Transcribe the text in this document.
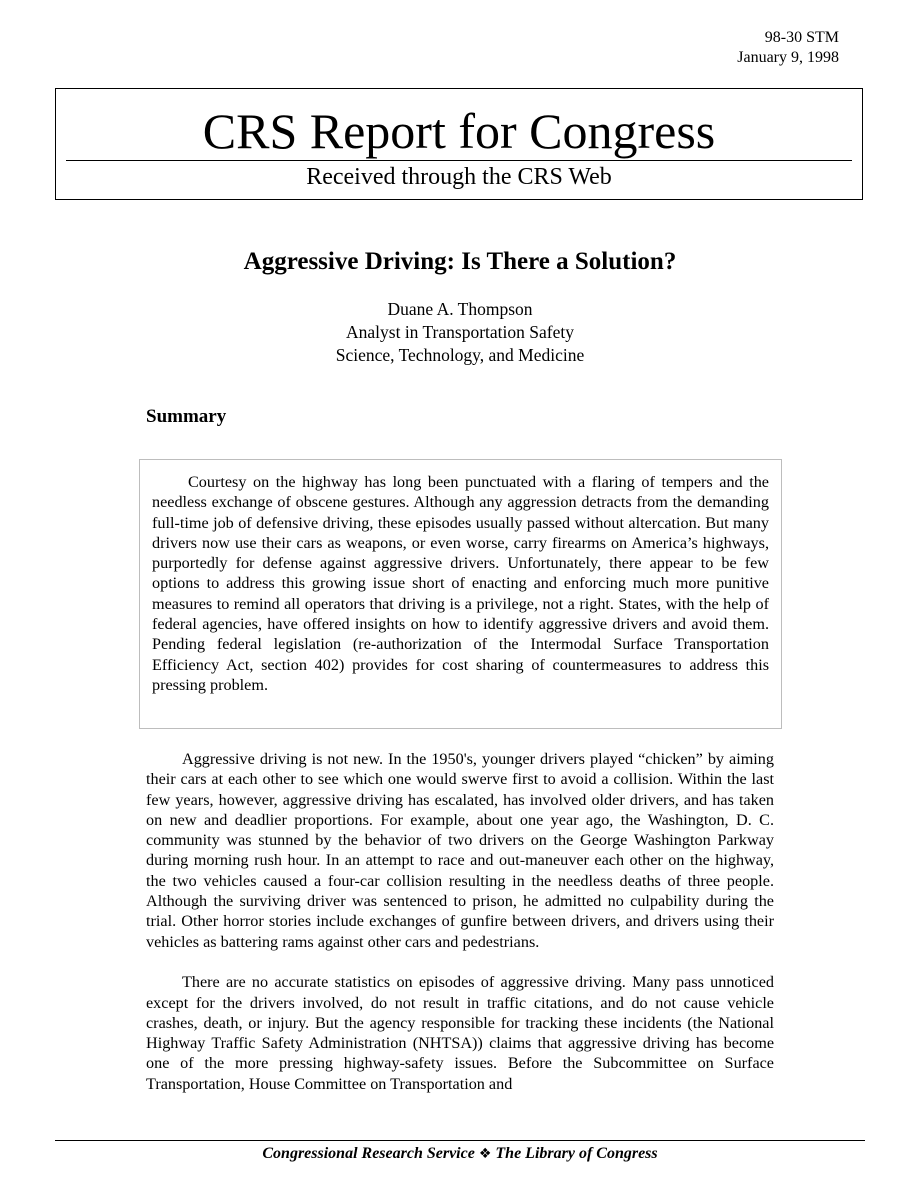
98-30 STM
January 9, 1998
CRS Report for Congress
Received through the CRS Web
Aggressive Driving: Is There a Solution?
Duane A. Thompson
Analyst in Transportation Safety
Science, Technology, and Medicine
Summary

Courtesy on the highway has long been punctuated with a flaring of tempers and the needless exchange of obscene gestures. Although any aggression detracts from the demanding full-time job of defensive driving, these episodes usually passed without altercation. But many drivers now use their cars as weapons, or even worse, carry firearms on America’s highways, purportedly for defense against aggressive drivers. Unfortunately, there appear to be few options to address this growing issue short of enacting and enforcing much more punitive measures to remind all operators that driving is a privilege, not a right. States, with the help of federal agencies, have offered insights on how to identify aggressive drivers and avoid them. Pending federal legislation (re-authorization of the Intermodal Surface Transportation Efficiency Act, section 402) provides for cost sharing of countermeasures to address this pressing problem.

Aggressive driving is not new. In the 1950's, younger drivers played “chicken” by aiming their cars at each other to see which one would swerve first to avoid a collision. Within the last few years, however, aggressive driving has escalated, has involved older drivers, and has taken on new and deadlier proportions. For example, about one year ago, the Washington, D. C. community was stunned by the behavior of two drivers on the George Washington Parkway during morning rush hour. In an attempt to race and out-maneuver each other on the highway, the two vehicles caused a four-car collision resulting in the needless deaths of three people. Although the surviving driver was sentenced to prison, he admitted no culpability during the trial. Other horror stories include exchanges of gunfire between drivers, and drivers using their vehicles as battering rams against other cars and pedestrians.

There are no accurate statistics on episodes of aggressive driving. Many pass unnoticed except for the drivers involved, do not result in traffic citations, and do not cause vehicle crashes, death, or injury. But the agency responsible for tracking these incidents (the National Highway Traffic Safety Administration (NHTSA)) claims that aggressive driving has become one of the more pressing highway-safety issues. Before the Subcommittee on Surface Transportation, House Committee on Transportation and

Congressional Research Service ❖ The Library of Congress
